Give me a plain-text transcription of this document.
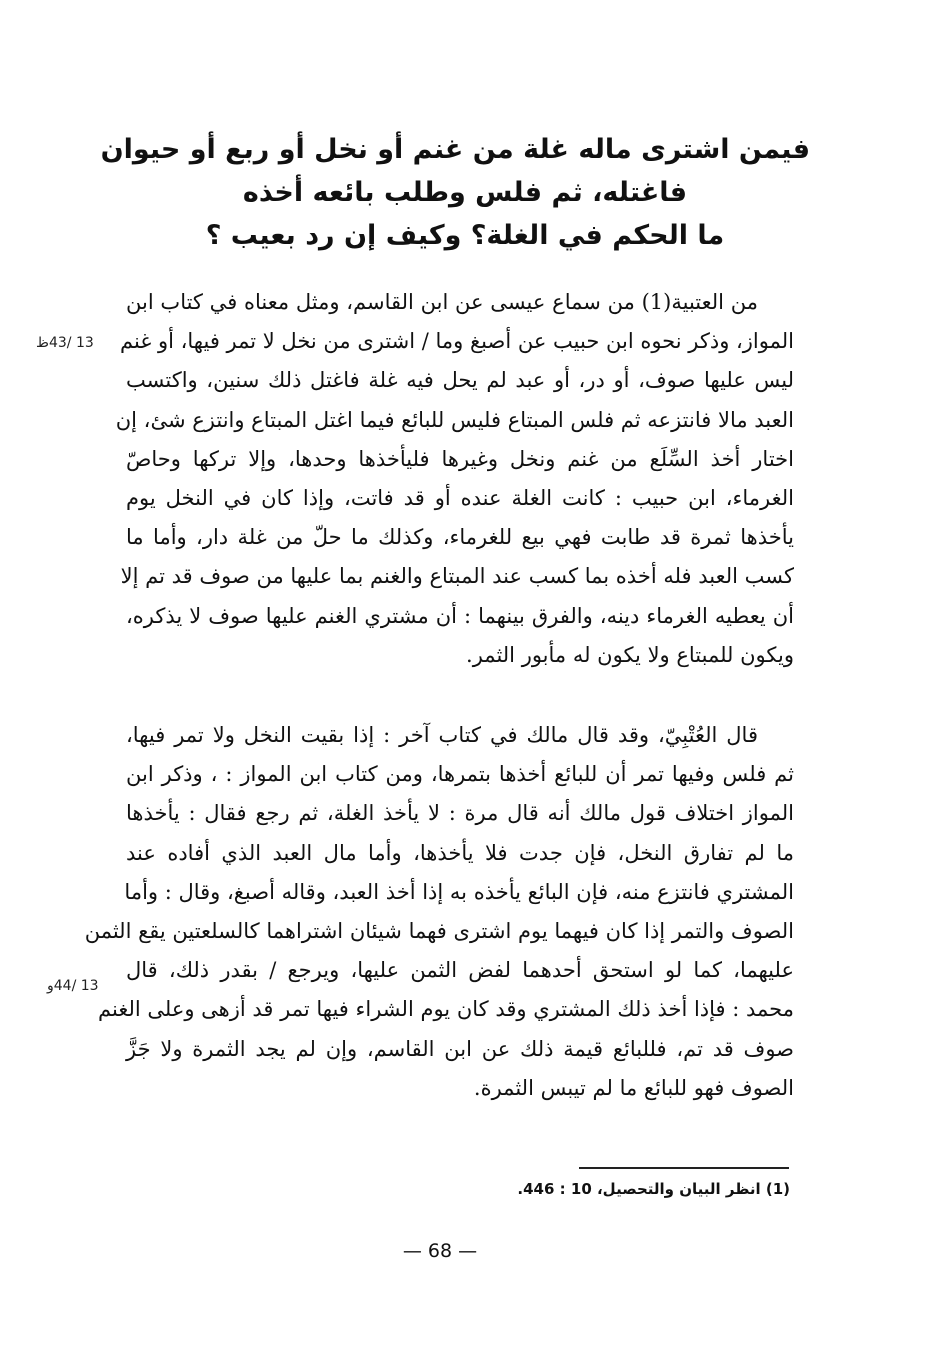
فيمن اشترى ماله غلة من غنم أو نخل أو ربع أو حيوان
فاغتله، ثم فلس وطلب بائعه أخذه
ما الحكم في الغلة؟ وكيف إن رد بعيب ؟
من العتبية(1) من سماع عيسى عن ابن القاسم، ومثل معناه في كتاب ابن
المواز، وذكر نحوه ابن حبيب عن أصبغ وما / اشترى من نخل لا تمر فيها، أو غنم
ليس عليها صوف، أو در، أو عبد لم يحل فيه غلة فاغتل ذلك سنين، واكتسب
العبد مالا فانتزعه ثم فلس المبتاع فليس للبائع فيما اغتل المبتاع وانتزع شئ، إن
اختار أخذ السِّلَع من غنم ونخل وغيرها فليأخذها وحدها، وإلا تركها وحاصّ
الغرماء، ابن حبيب : كانت الغلة عنده أو قد فاتت، وإذا كان في النخل يوم
يأخذها ثمرة قد طابت فهي بيع للغرماء، وكذلك ما حلّ من غلة دار، وأما ما
كسب العبد فله أخذه بما كسب عند المبتاع والغنم بما عليها من صوف قد تم إلا
أن يعطيه الغرماء دينه، والفرق بينهما : أن مشتري الغنم عليها صوف لا يذكره،
ويكون للمبتاع ولا يكون له مأبور الثمر.
قال العُتْبِيّ، وقد قال مالك في كتاب آخر : إذا بقيت النخل ولا تمر فيها،
ثم فلس وفيها تمر أن للبائع أخذها بتمرها، ومن كتاب ابن المواز : ، وذكر ابن
المواز اختلاف قول مالك أنه قال مرة : لا يأخذ الغلة، ثم رجع فقال : يأخذها
ما لم تفارق النخل، فإن جدت فلا يأخذها، وأما مال العبد الذي أفاده عند
المشتري فانتزع منه، فإن البائع يأخذه به إذا أخذ العبد، وقاله أصبغ، وقال : وأما
الصوف والتمر إذا كان فيهما يوم اشترى فهما شيئان اشتراهما كالسلعتين يقع الثمن
عليهما، كما لو استحق أحدهما لفض الثمن عليها، ويرجع / بقدر ذلك، قال
محمد : فإذا أخذ ذلك المشتري وقد كان يوم الشراء فيها تمر قد أزهى وعلى الغنم
صوف قد تم، فللبائع قيمة ذلك عن ابن القاسم، وإن لم يجد الثمرة ولا جَزَّ
الصوف فهو للبائع ما لم تيبس الثمرة.
13 /43ظ
13 /44و
(1) انظر البيان والتحصيل، 10 : 446.
— 68 —
